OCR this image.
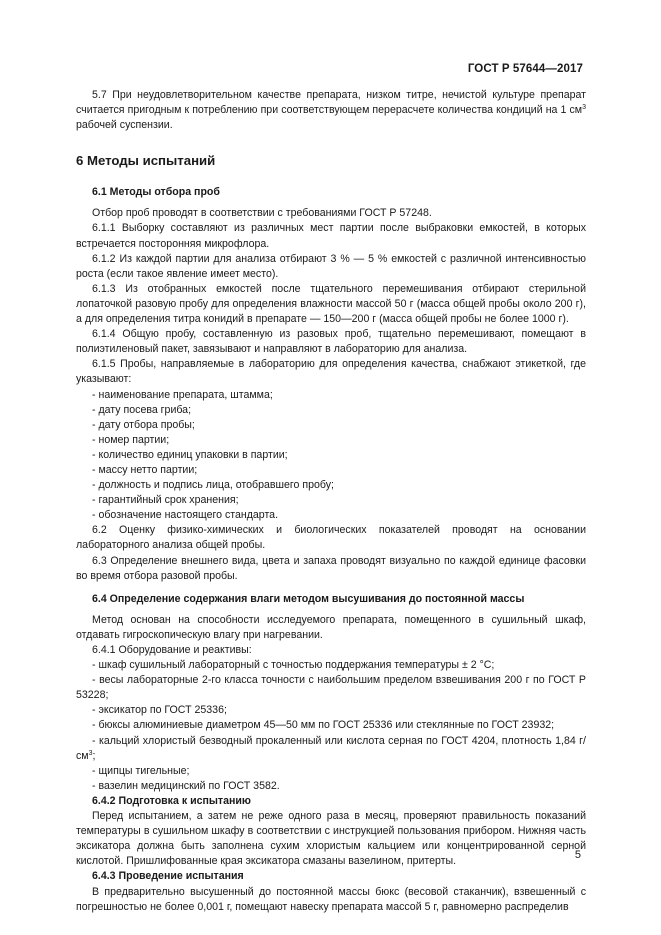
ГОСТ Р 57644—2017

5.7 При неудовлетворительном качестве препарата, низком титре, нечистой культуре препарат считается пригодным к потреблению при соответствующем перерасчете количества кондиций на 1 $см^3$ рабочей суспензии.

6 Методы испытаний

6.1 Методы отбора проб

Отбор проб проводят в соответствии с требованиями ГОСТ Р 57248.

6.1.1 Выборку составляют из различных мест партии после выбраковки емкостей, в которых встречается посторонняя микрофлора.

6.1.2 Из каждой партии для анализа отбирают 3 % — 5 % емкостей с различной интенсивностью роста (если такое явление имеет место).

6.1.3 Из отобранных емкостей после тщательного перемешивания отбирают стерильной лопаточкой разовую пробу для определения влажности массой 50 г (масса общей пробы около 200 г), а для определения титра конидий в препарате — 150—200 г (масса общей пробы не более 1000 г).

6.1.4 Общую пробу, составленную из разовых проб, тщательно перемешивают, помещают в полиэтиленовый пакет, завязывают и направляют в лабораторию для анализа.

6.1.5 Пробы, направляемые в лабораторию для определения качества, снабжают этикеткой, где указывают:

- наименование препарата, штамма;

- дату посева гриба;

- дату отбора пробы;

- номер партии;

- количество единиц упаковки в партии;

- массу нетто партии;

- должность и подпись лица, отобравшего пробу;

- гарантийный срок хранения;

- обозначение настоящего стандарта.

6.2 Оценку физико-химических и биологических показателей проводят на основании лабораторного анализа общей пробы.

6.3 Определение внешнего вида, цвета и запаха проводят визуально по каждой единице фасовки во время отбора разовой пробы.

6.4 Определение содержания влаги методом высушивания до постоянной массы

Метод основан на способности исследуемого препарата, помещенного в сушильный шкаф, отдавать гигроскопическую влагу при нагревании.

6.4.1 Оборудование и реактивы:

- шкаф сушильный лабораторный с точностью поддержания температуры ± 2 °С;

- весы лабораторные 2-го класса точности с наибольшим пределом взвешивания 200 г по ГОСТ Р 53228;

- эксикатор по ГОСТ 25336;

- бюксы алюминиевые диаметром 45—50 мм по ГОСТ 25336 или стеклянные по ГОСТ 23932;

- кальций хлористый безводный прокаленный или кислота серная по ГОСТ 4204, плотность 1,84 $г/см^3$;

- щипцы тигельные;

- вазелин медицинский по ГОСТ 3582.

6.4.2 Подготовка к испытанию

Перед испытанием, а затем не реже одного раза в месяц, проверяют правильность показаний температуры в сушильном шкафу в соответствии с инструкцией пользования прибором. Нижняя часть эксикатора должна быть заполнена сухим хлористым кальцием или концентрированной серной кислотой. Пришлифованные края эксикатора смазаны вазелином, притерты.

6.4.3 Проведение испытания

В предварительно высушенный до постоянной массы бюкс (весовой стаканчик), взвешенный с погрешностью не более 0,001 г, помещают навеску препарата массой 5 г, равномерно распределив

5
